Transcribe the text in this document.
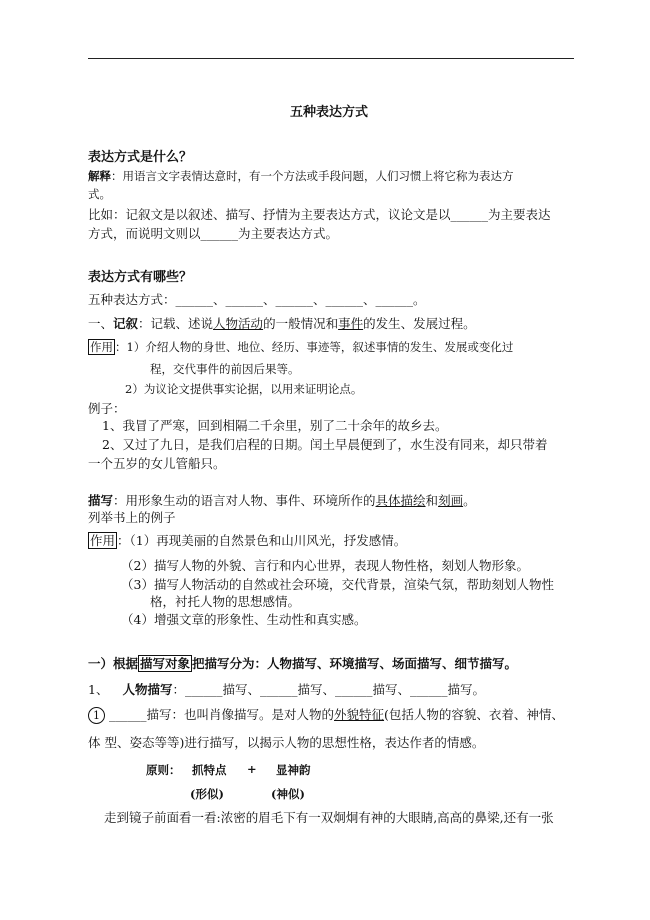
五种表达方式
表达方式是什么？
解释：用语言文字表情达意时，有一个方法或手段问题，人们习惯上将它称为表达方
式。
比如：记叙文是以叙述、描写、抒情为主要表达方式，议论文是以______为主要表达
方式，而说明文则以______为主要表达方式。
表达方式有哪些？
五种表达方式：______、______、______、______、______。
一、记叙：记载、述说人物活动的一般情况和事件的发生、发展过程。
作用 ：1）介绍人物的身世、地位、经历、事迹等，叙述事情的发生、发展或变化过
程，交代事件的前因后果等。
2）为议论文提供事实论据，以用来证明论点。
例子：
1、我冒了严寒，回到相隔二千余里，别了二十余年的故乡去。
2、又过了九日，是我们启程的日期。闰土早晨便到了，水生没有同来，却只带着
一个五岁的女儿管船只。
描写：用形象生动的语言对人物、事件、环境所作的具体描绘和刻画。
列举书上的例子
作用 ：（1）再现美丽的自然景色和山川风光，抒发感情。
（2）描写人物的外貌、言行和内心世界，表现人物性格，刻划人物形象。
（3）描写人物活动的自然或社会环境，交代背景，渲染气氛，帮助刻划人物性
格，衬托人物的思想感情。
（4）增强文章的形象性、生动性和真实感。
一）根据 描写对象 把描写分为：人物描写、环境描写、场面描写、细节描写。
1、 人物描写：______描写、______描写、______描写、______描写。
1 ______描写：也叫肖像描写。是对人物的外貌特征(包括人物的容貌、衣着、神情、
体 型、姿态等等)进行描写，以揭示人物的思想性格，表达作者的情感。
原则： 抓特点 + 显神韵
(形似)	(神似)
走到镜子前面看一看:浓密的眉毛下有一双炯炯有神的大眼睛,高高的鼻梁,还有一张
